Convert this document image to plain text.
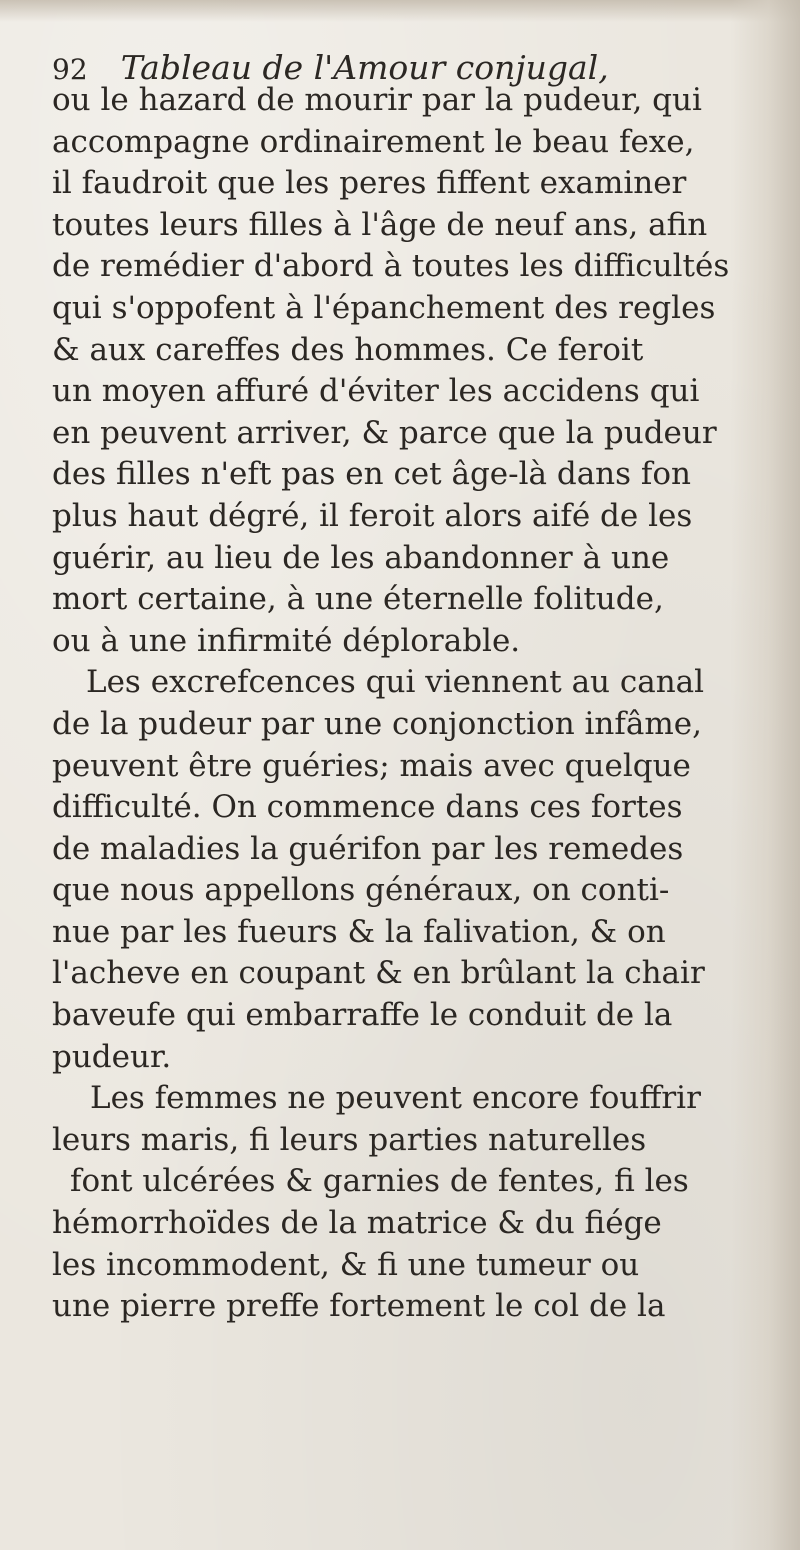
92 Tableau de l'Amour conjugal,
ou le hazard de mourir par la pudeur, qui
accompagne ordinairement le beau fexe,
il faudroit que les peres fiffent examiner
toutes leurs filles à l'âge de neuf ans, afin
de remédier d'abord à toutes les difficultés
qui s'oppofent à l'épanchement des regles
& aux careffes des hommes. Ce feroit
un moyen affuré d'éviter les accidens qui
en peuvent arriver, & parce que la pudeur
des filles n'eft pas en cet âge-là dans fon
plus haut dégré, il feroit alors aifé de les
guérir, au lieu de les abandonner à une
mort certaine, à une éternelle folitude,
ou à une infirmité déplorable.
Les excrefcences qui viennent au canal
de la pudeur par une conjonction infâme,
peuvent être guéries; mais avec quelque
difficulté. On commence dans ces fortes
de maladies la guérifon par les remedes
que nous appellons généraux, on conti-
nue par les fueurs & la falivation, & on
l'acheve en coupant & en brûlant la chair
baveufe qui embarraffe le conduit de la
pudeur.
Les femmes ne peuvent encore fouffrir
leurs maris, fi leurs parties naturelles
font ulcérées & garnies de fentes, fi les
hémorrhoïdes de la matrice & du fiége
les incommodent, & fi une tumeur ou
une pierre preffe fortement le col de la
